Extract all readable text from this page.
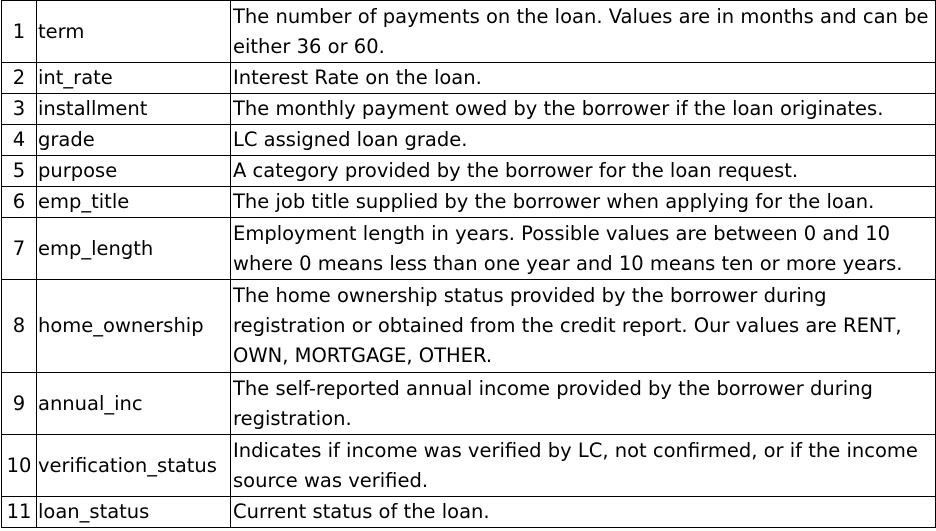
1	term	The number of payments on the loan. Values are in months and can be either 36 or 60.
2	int_rate	Interest Rate on the loan.
3	installment	The monthly payment owed by the borrower if the loan originates.
4	grade	LC assigned loan grade.
5	purpose	A category provided by the borrower for the loan request.
6	emp_title	The job title supplied by the borrower when applying for the loan.
7	emp_length	Employment length in years. Possible values are between 0 and 10 where 0 means less than one year and 10 means ten or more years.
8	home_ownership	The home ownership status provided by the borrower during registration or obtained from the credit report. Our values are RENT, OWN, MORTGAGE, OTHER.
9	annual_inc	The self-reported annual income provided by the borrower during registration.
10	verification_status	Indicates if income was verified by LC, not confirmed, or if the income source was verified.
11	loan_status	Current status of the loan.
